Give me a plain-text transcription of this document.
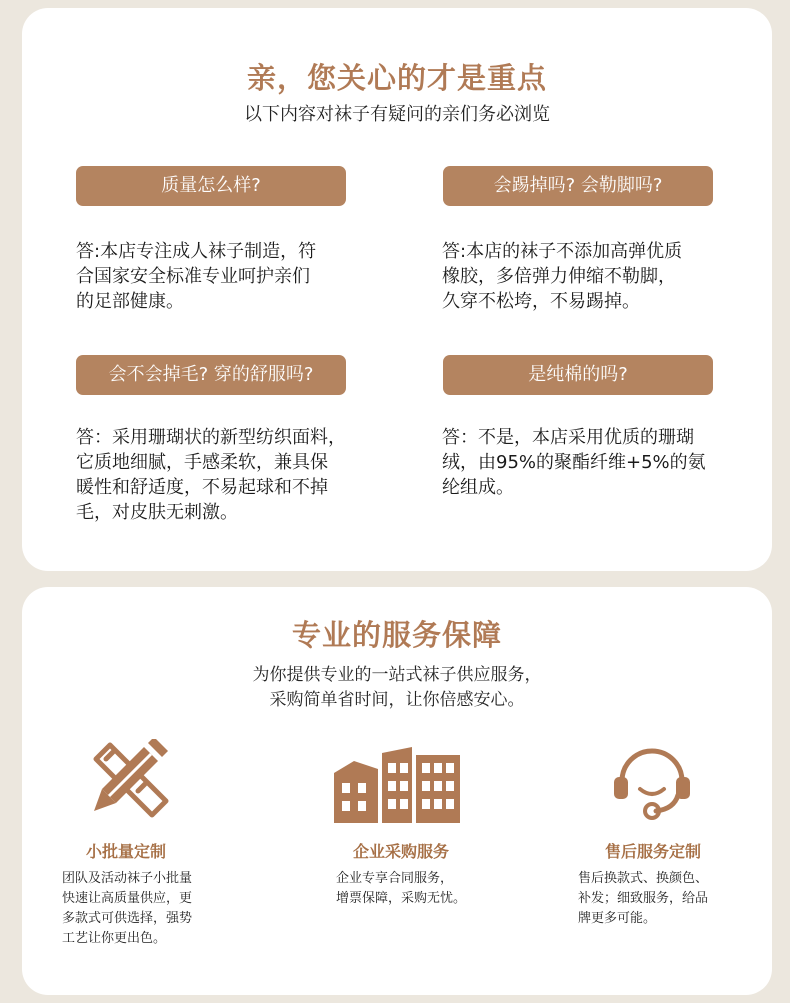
亲，您关心的才是重点
以下内容对袜子有疑问的亲们务必浏览
质量怎么样?
答:本店专注成人袜子制造，符
合国家安全标准专业呵护亲们
的足部健康。
会踢掉吗? 会勒脚吗?
答:本店的袜子不添加高弹优质
橡胶，多倍弹力伸缩不勒脚，
久穿不松垮，不易踢掉。
会不会掉毛? 穿的舒服吗?
答：采用珊瑚状的新型纺织面料，
它质地细腻，手感柔软，兼具保
暖性和舒适度，不易起球和不掉
毛，对皮肤无刺激。
是纯棉的吗?
答：不是，本店采用优质的珊瑚
绒，由95%的聚酯纤维+5%的氨
纶组成。
专业的服务保障
为你提供专业的一站式袜子供应服务，
采购简单省时间，让你倍感安心。
小批量定制
团队及活动袜子小批量
快速让高质量供应，更
多款式可供选择，强势
工艺让你更出色。
企业采购服务
企业专享合同服务，
增票保障，采购无忧。
售后服务定制
售后换款式、换颜色、
补发；细致服务，给品
牌更多可能。
